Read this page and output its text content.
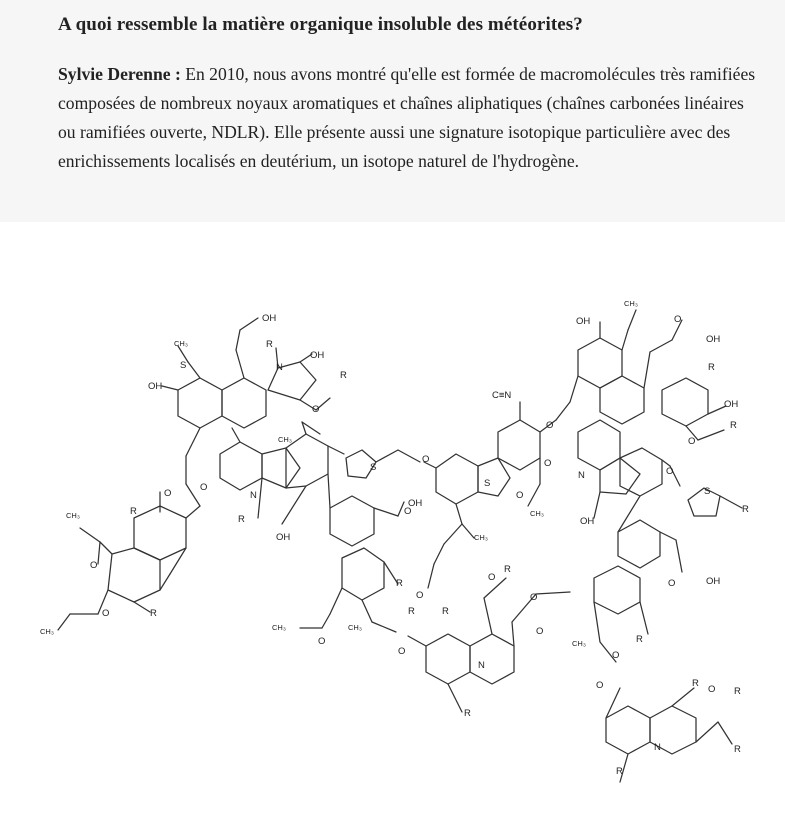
A quoi ressemble la matière organique insoluble des météorites?

Sylvie Derenne : En 2010, nous avons montré qu'elle est formée de macromolécules très ramifiées composées de nombreux noyaux aromatiques et chaînes aliphatiques (chaînes carbonées linéaires ou ramifiées ouverte, NDLR). Elle présente aussi une signature isotopique particulière avec des enrichissements localisés en deutérium, un isotope naturel de l'hydrogène.

OH
CH₃
S
OH
R
N
OH
O
R
CH₃
O
O
R
CH₃
O
O	R
CH₃
N
R
OH
S
O
OH
O
R
CH₃
O
CH₃
O
C≡N
O
O
S
O
CH₃
CH₃
O
R
CH₃
OH	O
OH
R
OH
R
O
N
OH
O
S
R
OH
O
R
CH₃
O
O
O
R
R
O
O
N
R
R
O R
R
N
R
